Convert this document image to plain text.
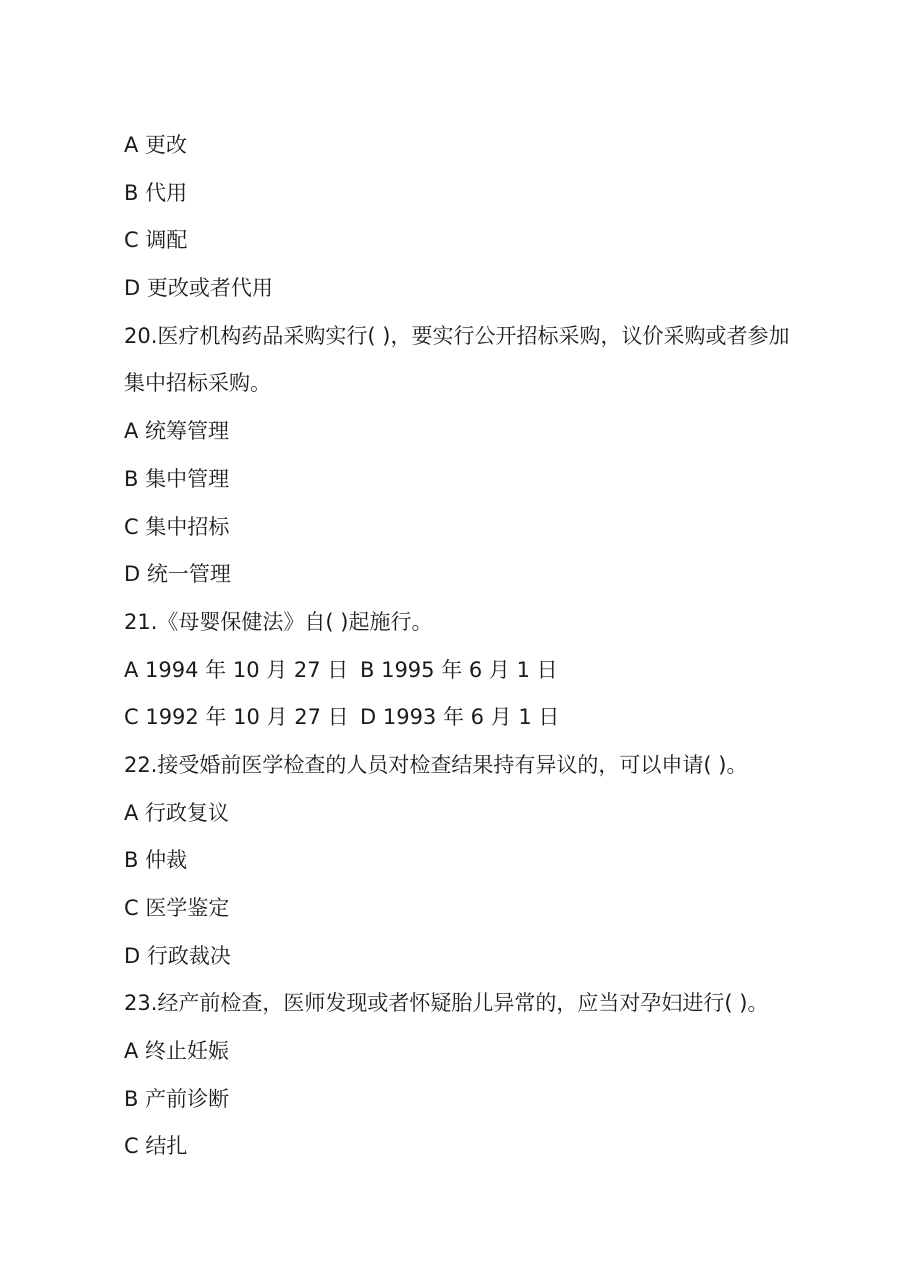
A 更改
B 代用
C 调配
D 更改或者代用
20.医疗机构药品采购实行( )，要实行公开招标采购，议价采购或者参加
集中招标采购。
A 统筹管理
B 集中管理
C 集中招标
D 统一管理
21.《母婴保健法》自( )起施行。
A 1994 年 10 月 27 日 B 1995 年 6 月 1 日
C 1992 年 10 月 27 日 D 1993 年 6 月 1 日
22.接受婚前医学检查的人员对检查结果持有异议的，可以申请( )。
A 行政复议
B 仲裁
C 医学鉴定
D 行政裁决
23.经产前检查，医师发现或者怀疑胎儿异常的，应当对孕妇进行( )。
A 终止妊娠
B 产前诊断
C 结扎
